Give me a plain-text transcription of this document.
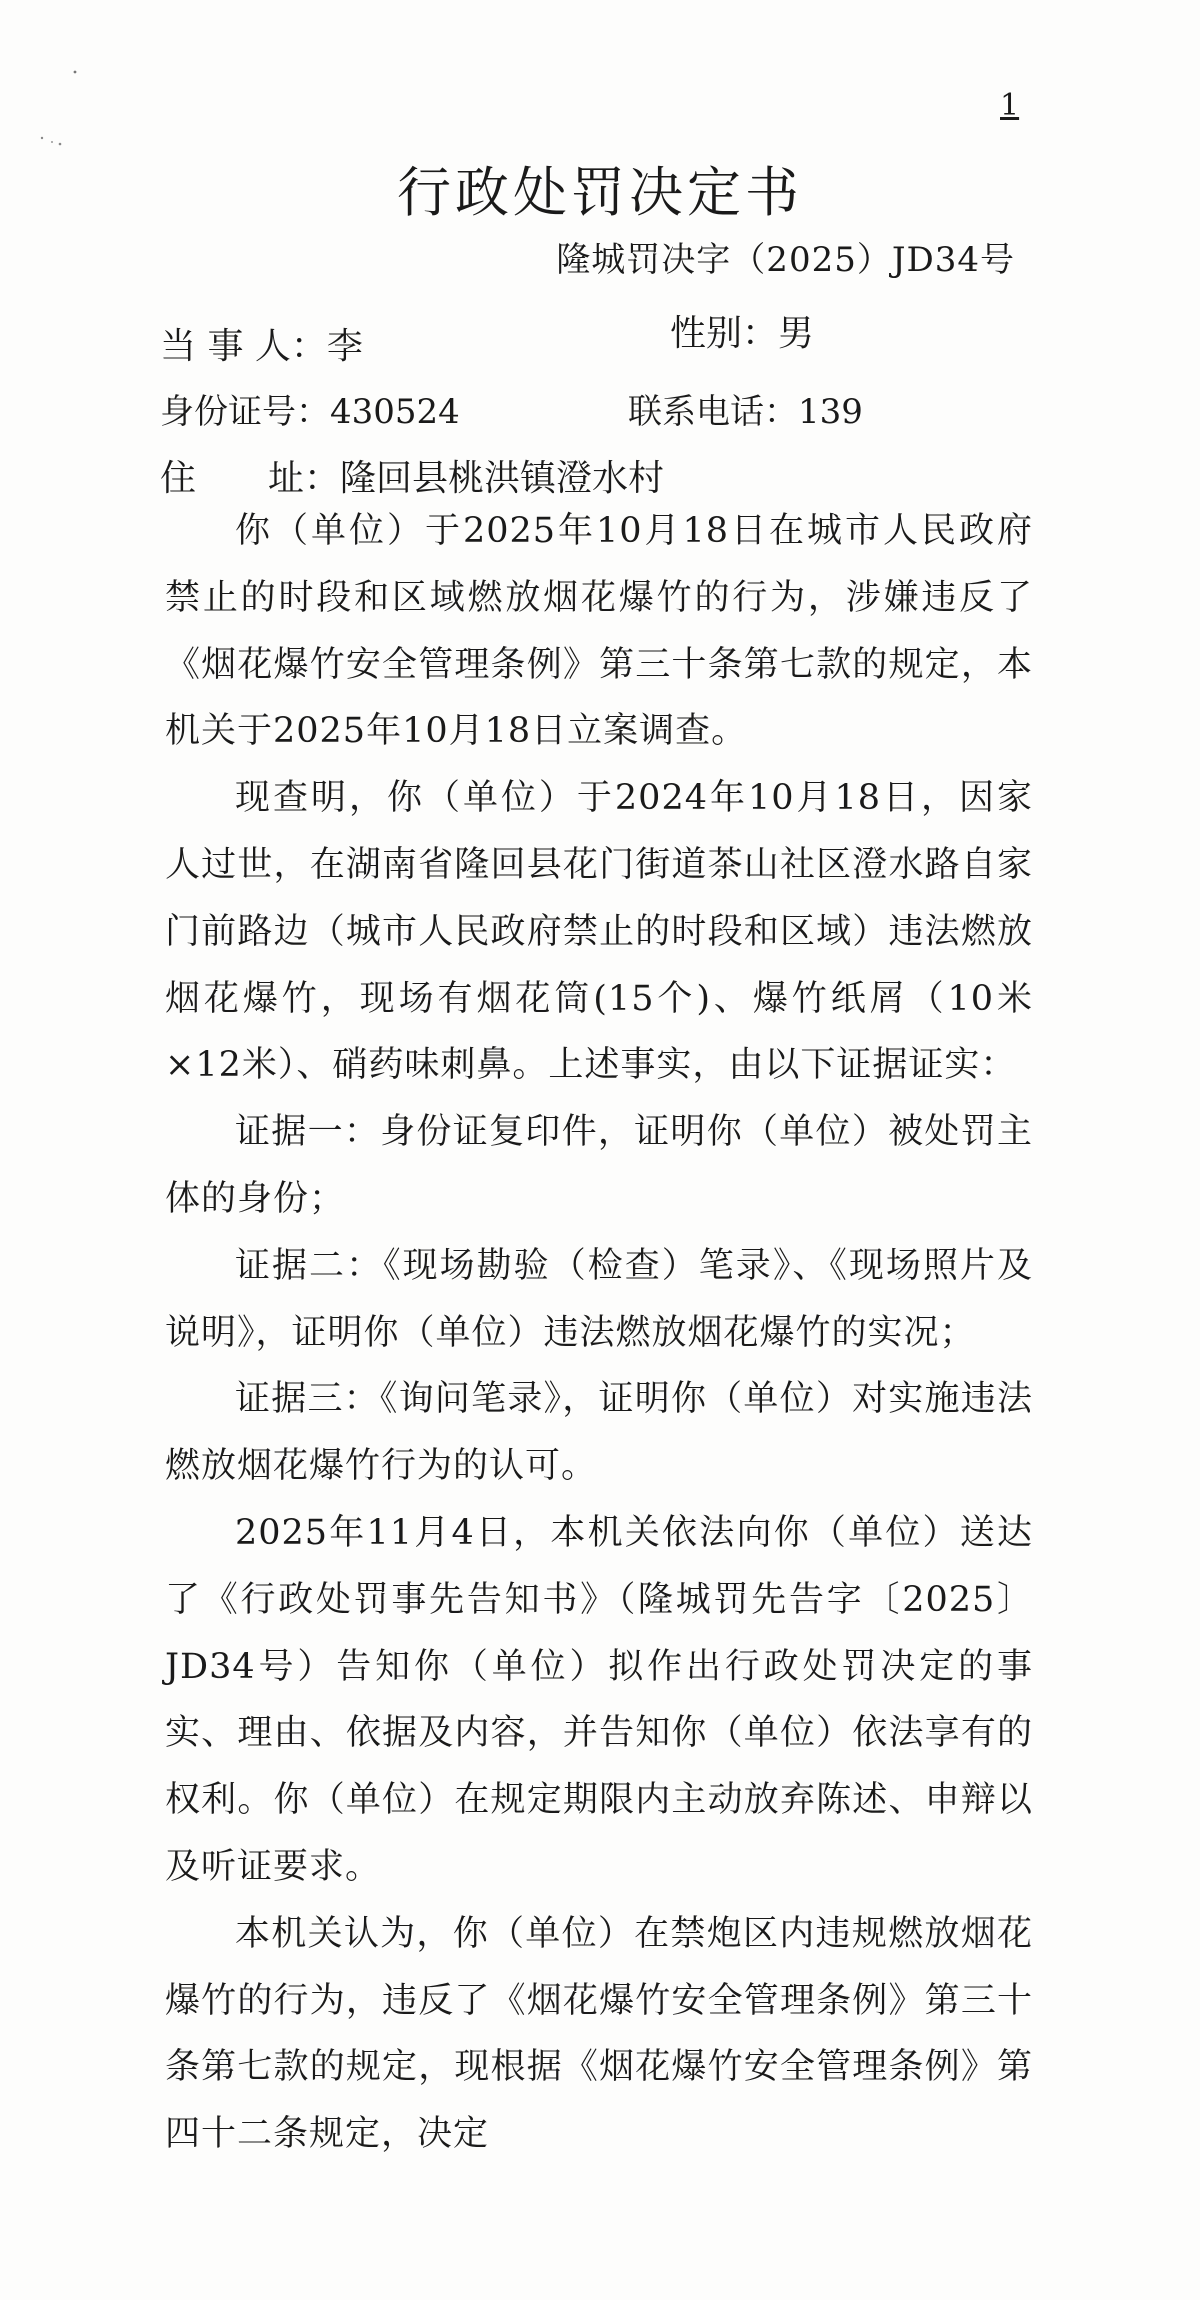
1
行政处罚决定书
隆城罚决字（2025）JD34号
当 事 人：李	性别：男
身份证号：430524	联系电话：139
住　　址：隆回县桃洪镇澄水村

你（单位）于2025年10月18日在城市人民政府禁止的时段和区域燃放烟花爆竹的行为，涉嫌违反了《烟花爆竹安全管理条例》第三十条第七款的规定，本机关于2025年10月18日立案调查。

现查明，你（单位）于2024年10月18日，因家人过世，在湖南省隆回县花门街道茶山社区澄水路自家门前路边（城市人民政府禁止的时段和区域）违法燃放烟花爆竹，现场有烟花筒(15个)、爆竹纸屑（10米×12米）、硝药味刺鼻。上述事实，由以下证据证实：

证据一：身份证复印件，证明你（单位）被处罚主体的身份；

证据二：《现场勘验（检查）笔录》、《现场照片及说明》，证明你（单位）违法燃放烟花爆竹的实况；

证据三：《询问笔录》，证明你（单位）对实施违法燃放烟花爆竹行为的认可。

2025年11月4日，本机关依法向你（单位）送达了《行政处罚事先告知书》（隆城罚先告字〔2025〕JD34号）告知你（单位）拟作出行政处罚决定的事实、理由、依据及内容，并告知你（单位）依法享有的权利。你（单位）在规定期限内主动放弃陈述、申辩以及听证要求。

本机关认为，你（单位）在禁炮区内违规燃放烟花爆竹的行为，违反了《烟花爆竹安全管理条例》第三十条第七款的规定，现根据《烟花爆竹安全管理条例》第四十二条规定，决定
